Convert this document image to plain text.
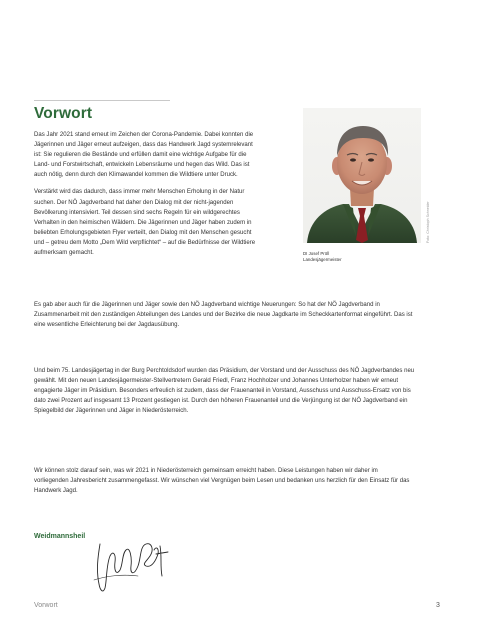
Vorwort

Das Jahr 2021 stand erneut im Zeichen der Corona-Pandemie. Dabei konnten die Jägerinnen und Jäger erneut aufzeigen, dass das Handwerk Jagd systemrelevant ist: Sie regulieren die Bestände und erfüllen damit eine wichtige Aufgabe für die Land- und Forstwirtschaft, entwickeln Lebensräume und hegen das Wild. Das ist auch nötig, denn durch den Klimawandel kommen die Wildtiere unter Druck.

Verstärkt wird das dadurch, dass immer mehr Menschen Erholung in der Natur suchen. Der NÖ Jagdverband hat daher den Dialog mit der nicht-jagenden Bevölkerung intensiviert. Teil dessen sind sechs Regeln für ein wildgerechtes Verhalten in den heimischen Wäldern. Die Jägerinnen und Jäger haben zudem in beliebten Erholungsgebieten Flyer verteilt, den Dialog mit den Menschen gesucht und – getreu dem Motto „Dem Wild verpflichtet“ – auf die Bedürfnisse der Wildtiere aufmerksam gemacht.

Es gab aber auch für die Jägerinnen und Jäger sowie den NÖ Jagdverband wichtige Neuerungen: So hat der NÖ Jagdverband in Zusammenarbeit mit den zuständigen Abteilungen des Landes und der Bezirke die neue Jagdkarte im Scheckkartenformat eingeführt. Das ist eine wesentliche Erleichterung bei der Jagdausübung.

Und beim 75. Landesjägertag in der Burg Perchtoldsdorf wurden das Präsidium, der Vorstand und der Ausschuss des NÖ Jagdverbandes neu gewählt. Mit den neuen Landesjägermeister-Stellvertretern Gerald Friedl, Franz Hochholzer und Johannes Unterholzer haben wir erneut engagierte Jäger im Präsidium. Besonders erfreulich ist zudem, dass der Frauenanteil in Vorstand, Ausschuss und Ausschuss-Ersatz von bis dato zwei Prozent auf insgesamt 13 Prozent gestiegen ist. Durch den höheren Frauenanteil und die Verjüngung ist der NÖ Jagdverband ein Spiegelbild der Jägerinnen und Jäger in Niederösterreich.

Wir können stolz darauf sein, was wir 2021 in Niederösterreich gemeinsam erreicht haben. Diese Leistungen haben wir daher im vorliegenden Jahresbericht zusammengefasst. Wir wünschen viel Vergnügen beim Lesen und bedanken uns herzlich für den Einsatz für das Handwerk Jagd.

Weidmannsheil
Foto: Christoph Schneider
DI Josef Pröll
Landesjägermeister
Vorwort	3
